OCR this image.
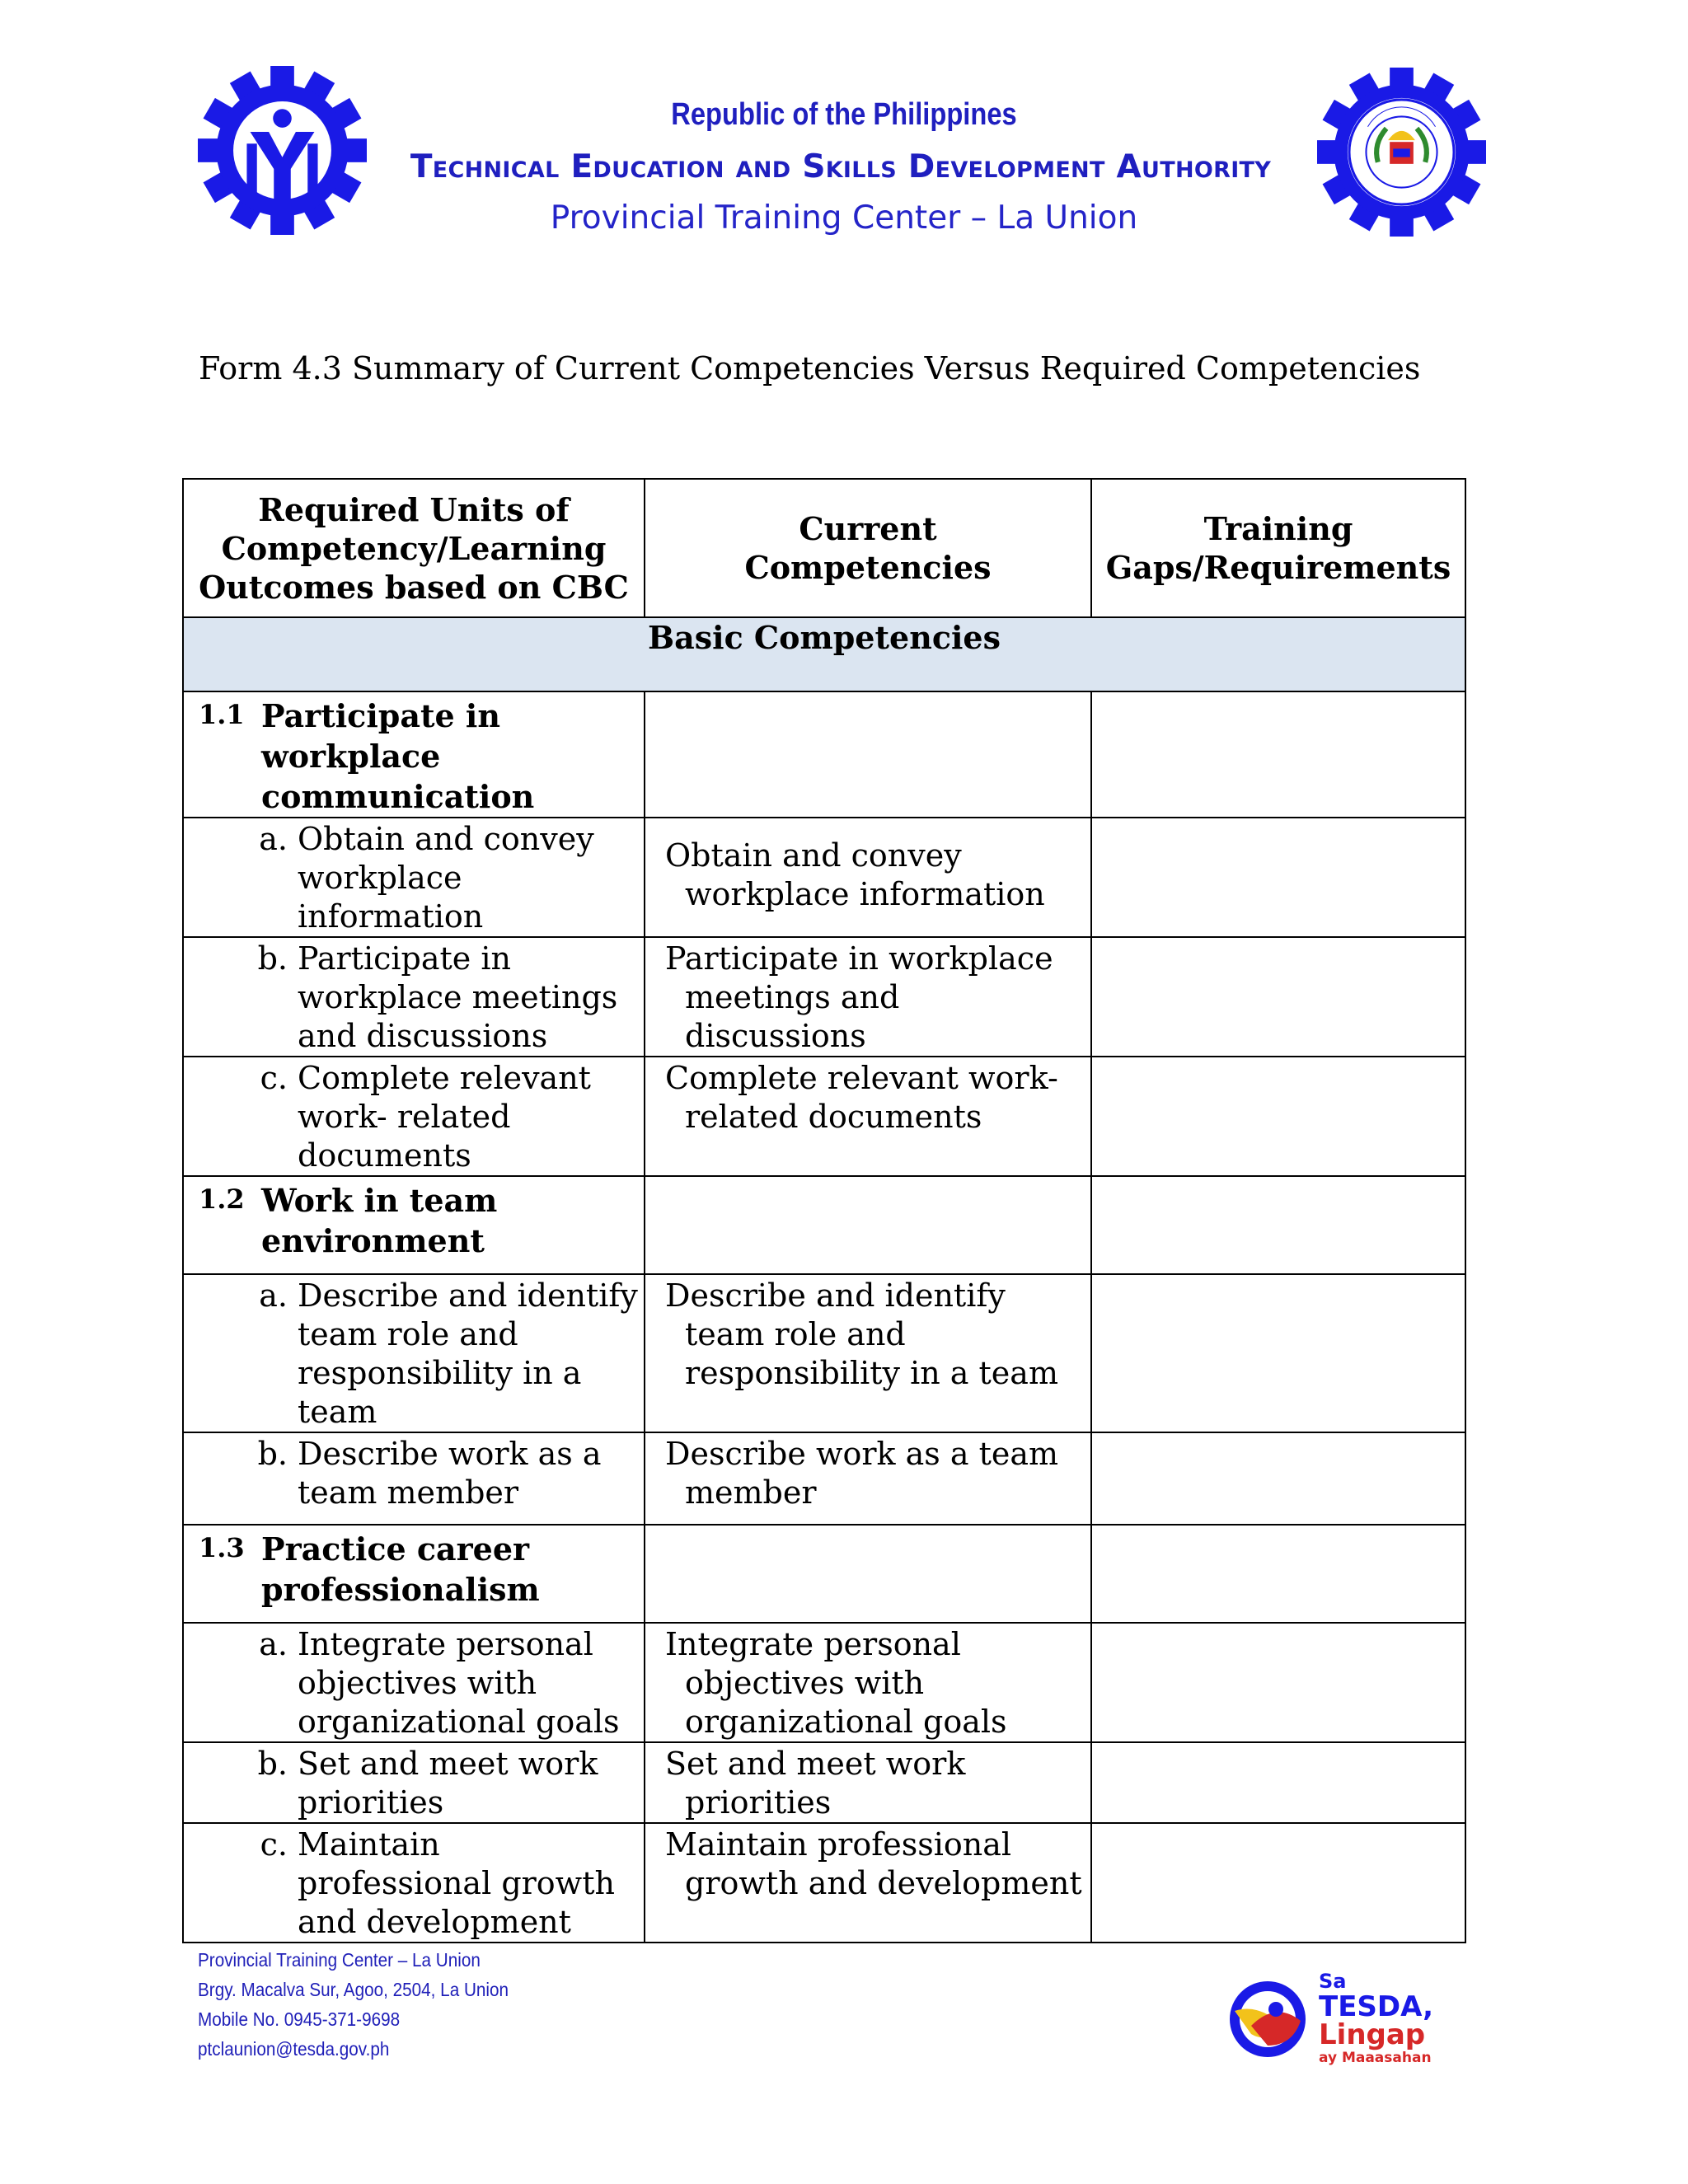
Republic of the Philippines
Technical Education and Skills Development Authority
Provincial Training Center – La Union
Form 4.3 Summary of Current Competencies Versus Required Competencies
Required Units of Competency/Learning Outcomes based on CBC	Current Competencies	Training Gaps/Requirements
Basic Competencies		

1.1 Participate in workplace communication		

a. Obtain and convey workplace information	Obtain and convey workplace information	

b. Participate in workplace meetings and discussions	Participate in workplace meetings and discussions	

c. Complete relevant work- related documents	Complete relevant work-related documents	

1.2 Work in team environment		

a. Describe and identify team role and responsibility in a team	Describe and identify team role and responsibility in a team	

b. Describe work as a team member	Describe work as a team member	

1.3 Practice career professionalism		

a. Integrate personal objectives with organizational goals	Integrate personal objectives with organizational goals	

b. Set and meet work priorities	Set and meet work priorities	

c. Maintain professional growth and development	Maintain professional growth and development	

Provincial Training Center – La Union
Brgy. Macalva Sur, Agoo, 2504, La Union
Mobile No. 0945-371-9698
ptclaunion@tesda.gov.ph
Sa
TESDA,
Lingap
ay Maaasahan
